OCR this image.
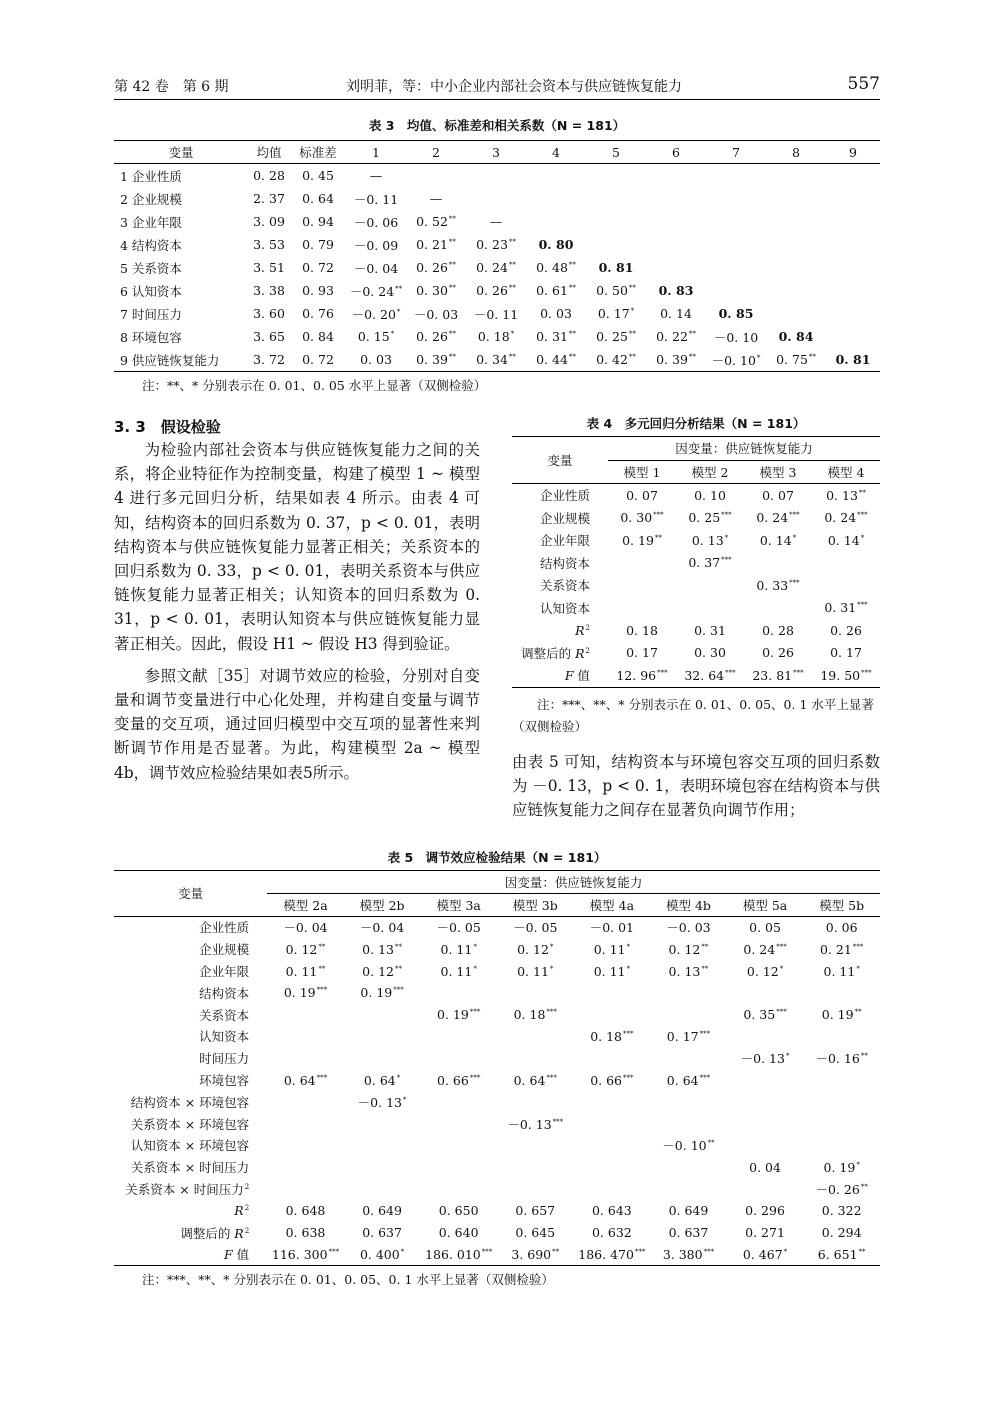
第 42 卷　第 6 期	刘明菲，等：中小企业内部社会资本与供应链恢复能力	557
表 3　均值、标准差和相关系数（N = 181）
变量	均值	标准差	1	2	3	4	5	6	7	8	9
1 企业性质	0. 28	0. 45	—								
2 企业规模	2. 37	0. 64	－0. 11	—							
3 企业年限	3. 09	0. 94	－0. 06	0. 52**	—						
4 结构资本	3. 53	0. 79	－0. 09	0. 21**	0. 23**	0. 80					
5 关系资本	3. 51	0. 72	－0. 04	0. 26**	0. 24**	0. 48**	0. 81				
6 认知资本	3. 38	0. 93	－0. 24**	0. 30**	0. 26**	0. 61**	0. 50**	0. 83			
7 时间压力	3. 60	0. 76	－0. 20*	－0. 03	－0. 11	0. 03	0. 17*	0. 14	0. 85		
8 环境包容	3. 65	0. 84	0. 15*	0. 26**	0. 18*	0. 31**	0. 25**	0. 22**	－0. 10	0. 84	
9 供应链恢复能力	3. 72	0. 72	0. 03	0. 39**	0. 34**	0. 44**	0. 42**	0. 39**	－0. 10*	0. 75**	0. 81
注：**、* 分别表示在 0. 01、0. 05 水平上显著（双侧检验）
3. 3　假设检验

为检验内部社会资本与供应链恢复能力之间的关系，将企业特征作为控制变量，构建了模型 1 ~ 模型 4 进行多元回归分析，结果如表 4 所示。由表 4 可知，结构资本的回归系数为 0. 37，p < 0. 01，表明结构资本与供应链恢复能力显著正相关；关系资本的回归系数为 0. 33，p < 0. 01，表明关系资本与供应链恢复能力显著正相关；认知资本的回归系数为 0. 31，p < 0. 01，表明认知资本与供应链恢复能力显著正相关。因此，假设 H1 ~ 假设 H3 得到验证。

参照文献［35］对调节效应的检验，分别对自变量和调节变量进行中心化处理，并构建自变量与调节变量的交互项，通过回归模型中交互项的显著性来判断调节作用是否显著。为此，构建模型 2a ~ 模型 4b，调节效应检验结果如表5所示。

表 4　多元回归分析结果（N = 181）
变量	因变量：供应链恢复能力			
	模型 1	模型 2	模型 3	模型 4
企业性质	0. 07	0. 10	0. 07	0. 13**
企业规模	0. 30***	0. 25***	0. 24***	0. 24***
企业年限	0. 19**	0. 13*	0. 14*	0. 14*
结构资本		0. 37***		
关系资本			0. 33***	
认知资本				0. 31***
$R^2$	0. 18	0. 31	0. 28	0. 26
调整后的 $R^2$	0. 17	0. 30	0. 26	0. 17
F 值	12. 96***	32. 64***	23. 81***	19. 50***
注：***、**、* 分别表示在 0. 01、0. 05、0. 1 水平上显著（双侧检验）

由表 5 可知，结构资本与环境包容交互项的回归系数为 －0. 13，p < 0. 1，表明环境包容在结构资本与供应链恢复能力之间存在显著负向调节作用；

表 5　调节效应检验结果（N = 181）
变量	因变量：供应链恢复能力							
	模型 2a	模型 2b	模型 3a	模型 3b	模型 4a	模型 4b	模型 5a	模型 5b
企业性质	－0. 04	－0. 04	－0. 05	－0. 05	－0. 01	－0. 03	0. 05	0. 06
企业规模	0. 12**	0. 13**	0. 11*	0. 12*	0. 11*	0. 12**	0. 24***	0. 21***
企业年限	0. 11**	0. 12**	0. 11*	0. 11*	0. 11*	0. 13**	0. 12*	0. 11*
结构资本	0. 19***	0. 19***						
关系资本			0. 19***	0. 18***			0. 35***	0. 19**
认知资本					0. 18***	0. 17***		
时间压力							－0. 13*	－0. 16**
环境包容	0. 64***	0. 64*	0. 66***	0. 64***	0. 66***	0. 64***		
结构资本 × 环境包容		－0. 13*						
关系资本 × 环境包容				－0. 13***				
认知资本 × 环境包容						－0. 10**		
关系资本 × 时间压力							0. 04	0. 19*
关系资本 × 时间压力$^2$								－0. 26**
$R^2$	0. 648	0. 649	0. 650	0. 657	0. 643	0. 649	0. 296	0. 322
调整后的 $R^2$	0. 638	0. 637	0. 640	0. 645	0. 632	0. 637	0. 271	0. 294
F 值	116. 300***	0. 400*	186. 010***	3. 690**	186. 470***	3. 380***	0. 467*	6. 651**
注：***、**、* 分别表示在 0. 01、0. 05、0. 1 水平上显著（双侧检验）
